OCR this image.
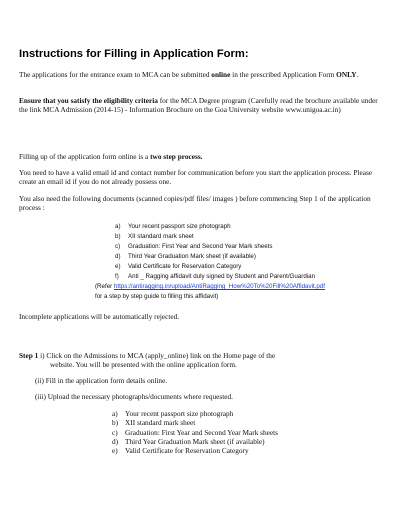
Instructions for Filling in Application Form:

The applications for the entrance exam to MCA can be submitted online in the prescribed Application Form ONLY.

Ensure that you satisfy the eligibility criteria for the MCA Degree program (Carefully read the brochure available under the link MCA Admission (2014-15) - Information Brochure on the Goa University website www.unigoa.ac.in)

Filling up of the application form online is a two step process.

You need to have a valid email id and contact number for communication before you start the application process. Please create an email id if you do not already possess one.

You also need the following documents (scanned copies/pdf files/ images ) before commencing Step 1 of the application process :

a) Your recent passport size photograph
b) XII standard mark sheet
c) Graduation: First Year and Second Year Mark sheets
d) Third Year Graduation Mark sheet (if available)
e) Valid Certificate for Reservation Category
f) Anti _ Ragging affidavit duly signed by Student and Parent/Guardian
(Refer https://antiragging.in/upload/AntiRagging_How%20To%20Fill%20Affidavit.pdf
for a step by step guide to filling this affidavit)

Incomplete applications will be automatically rejected.

Step 1 i) Click on the Admissions to MCA (apply_online) link on the Home page of the
website. You will be presented with the online application form.

(ii) Fill in the application form details online.

(iii) Upload the necessary photographs/documents where requested.

a) Your recent passport size photograph
b) XII standard mark sheet
c) Graduation: First Year and Second Year Mark sheets
d) Third Year Graduation Mark sheet (if available)
e) Valid Certificate for Reservation Category
